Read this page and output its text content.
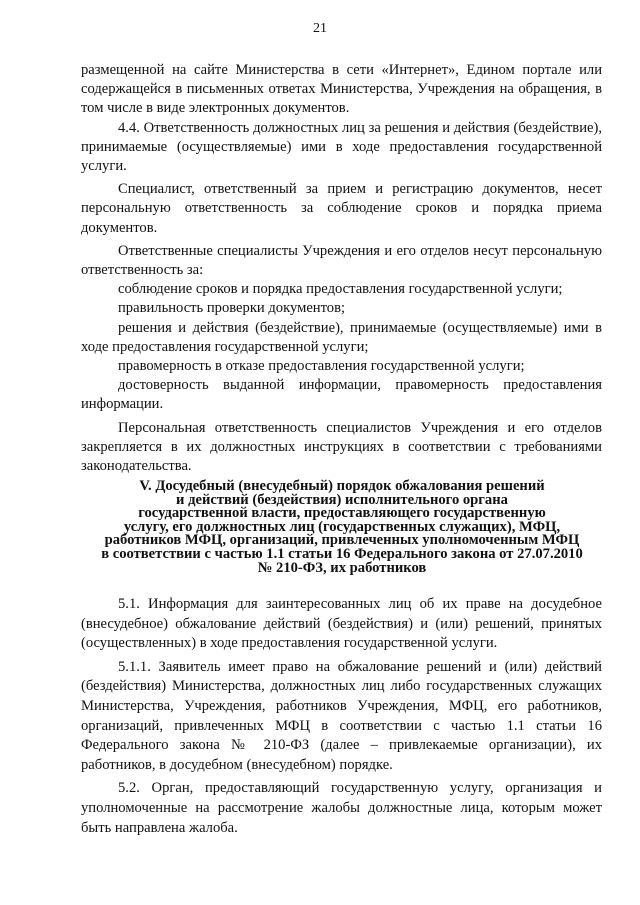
21

размещенной на сайте Министерства в сети «Интернет», Едином портале или содержащейся в письменных ответах Министерства, Учреждения на обращения, в том числе в виде электронных документов.

4.4. Ответственность должностных лиц за решения и действия (бездействие), принимаемые (осуществляемые) ими в ходе предоставления государственной услуги.

Специалист, ответственный за прием и регистрацию документов, несет персональную ответственность за соблюдение сроков и порядка приема документов.

Ответственные специалисты Учреждения и его отделов несут персональную ответственность за:

соблюдение сроков и порядка предоставления государственной услуги;

правильность проверки документов;

решения и действия (бездействие), принимаемые (осуществляемые) ими в ходе предоставления государственной услуги;

правомерность в отказе предоставления государственной услуги;

достоверность выданной информации, правомерность предоставления информации.

Персональная ответственность специалистов Учреждения и его отделов закрепляется в их должностных инструкциях в соответствии с требованиями законодательства.

V. Досудебный (внесудебный) порядок обжалования решений
и действий (бездействия) исполнительного органа
государственной власти, предоставляющего государственную
услугу, его должностных лиц (государственных служащих), МФЦ,
работников МФЦ, организаций, привлеченных уполномоченным МФЦ
в соответствии с частью 1.1 статьи 16 Федерального закона от 27.07.2010
№ 210-ФЗ, их работников

5.1. Информация для заинтересованных лиц об их праве на досудебное (внесудебное) обжалование действий (бездействия) и (или) решений, принятых (осуществленных) в ходе предоставления государственной услуги.

5.1.1. Заявитель имеет право на обжалование решений и (или) действий (бездействия) Министерства, должностных лиц либо государственных служащих Министерства, Учреждения, работников Учреждения, МФЦ, его работников, организаций, привлеченных МФЦ в соответствии с частью 1.1 статьи 16 Федерального закона № 210-ФЗ (далее – привлекаемые организации), их работников, в досудебном (внесудебном) порядке.

5.2. Орган, предоставляющий государственную услугу, организация и уполномоченные на рассмотрение жалобы должностные лица, которым может быть направлена жалоба.
